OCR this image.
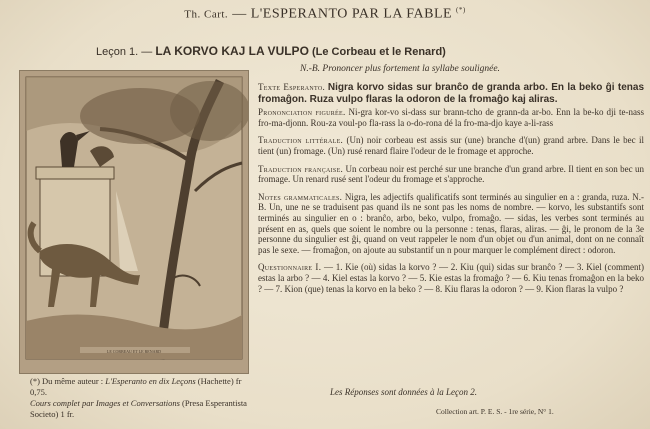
Th. Cart. — L'ESPERANTO PAR LA FABLE (*)
Leçon 1. — LA KORVO KAJ LA VULPO (Le Corbeau et le Renard)
N.-B. Prononcer plus fortement la syllabe soulignée.
LE CORBEAU ET LE RENARD
(*) Du même auteur : L'Esperanto en dix Leçons (Hachette) fr 0,75.
Cours complet par Images et Conversations (Presa Esperantista Societo) 1 fr.

Texte Esperanto. Nigra korvo sidas sur branĉo de granda arbo. En la beko ĝi tenas fromaĝon. Ruza vulpo flaras la odoron de la fromaĝo kaj aliras.

Prononciation figurée. Ni-gra kor-vo si-dass sur brann-tcho de grann-da ar-bo. Enn la be-ko dji te-nass fro-ma-djonn. Rou-za voul-po fla-rass la o-do-rona dé la fro-ma-djo kaye a-li-rass

Traduction littérale. (Un) noir corbeau est assis sur (une) branche d'(un) grand arbre. Dans le bec il tient (un) fromage. (Un) rusé renard flaire l'odeur de le fromage et approche.

Traduction française. Un corbeau noir est perché sur une branche d'un grand arbre. Il tient en son bec un fromage. Un renard rusé sent l'odeur du fromage et s'approche.

Notes grammaticales. Nigra, les adjectifs qualificatifs sont terminés au singulier en a : granda, ruza. N.-B. Un, une ne se traduisent pas quand ils ne sont pas les noms de nombre. — korvo, les substantifs sont terminés au singulier en o : branĉo, arbo, beko, vulpo, fromaĝo. — sidas, les verbes sont terminés au présent en as, quels que soient le nombre ou la personne : tenas, flaras, aliras. — ĝi, le pronom de la 3e personne du singulier est ĝi, quand on veut rappeler le nom d'un objet ou d'un animal, dont on ne connaît pas le sexe. — fromaĝon, on ajoute au substantif un n pour marquer le complément direct : odoron.

Questionnaire I. — 1. Kie (où) sidas la korvo ? — 2. Kiu (qui) sidas sur branĉo ? — 3. Kiel (comment) estas la arbo ? — 4. Kiel estas la korvo ? — 5. Kie estas la fromaĝo ? — 6. Kiu tenas fromaĝon en la beko ? — 7. Kion (que) tenas la korvo en la beko ? — 8. Kiu flaras la odoron ? — 9. Kion flaras la vulpo ?

Les Réponses sont données à la Leçon 2.
Collection art. P. E. S. - 1re série, N° 1.
